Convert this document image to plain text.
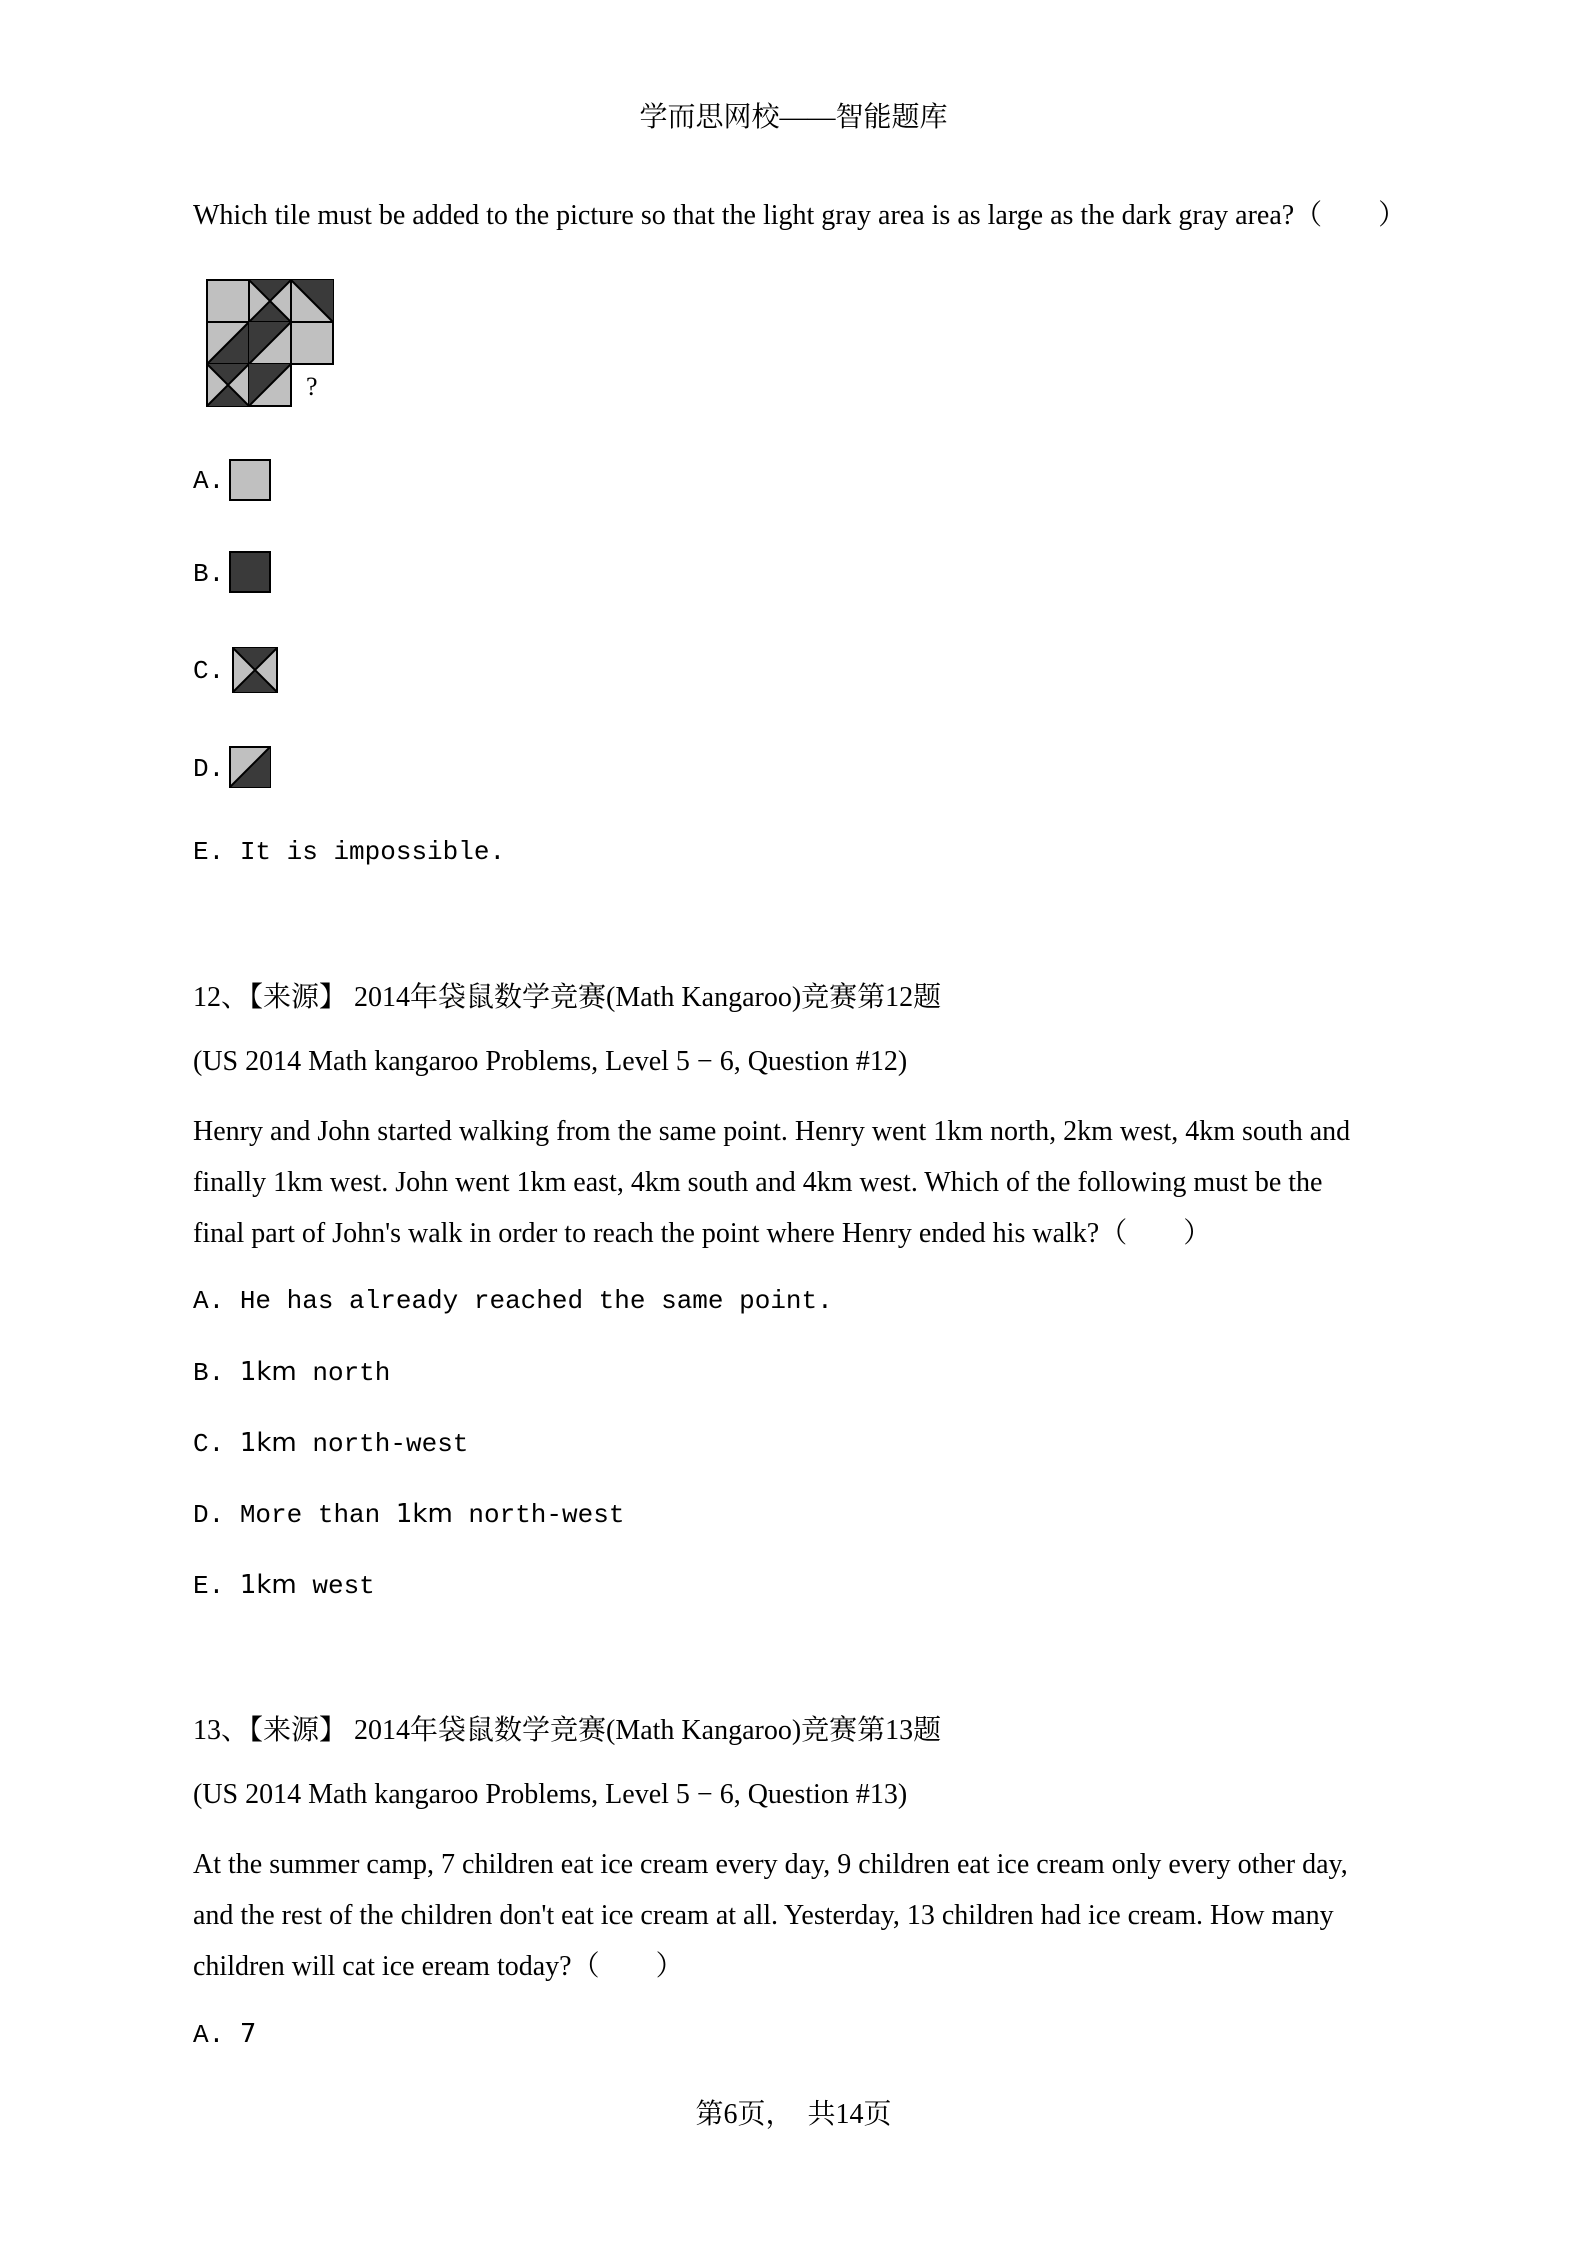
学而思网校——智能题库
Which tile must be added to the picture so that the light gray area is as large as the dark gray area?（　　）
?
A.
B.
C.
D.
E. It is impossible.
12、【来源】 2014年袋鼠数学竞赛(Math Kangaroo)竞赛第12题
(US 2014 Math kangaroo Problems, Level 5 − 6, Question #12)
Henry and John started walking from the same point. Henry went 1km north, 2km west, 4km south and
finally 1km west. John went 1km east, 4km south and 4km west. Which of the following must be the
final part of John's walk in order to reach the point where Henry ended his walk?（　　）
A. He has already reached the same point.
B. 1km north
C. 1km north-west
D. More than 1km north-west
E. 1km west
13、【来源】 2014年袋鼠数学竞赛(Math Kangaroo)竞赛第13题
(US 2014 Math kangaroo Problems, Level 5 − 6, Question #13)
At the summer camp, 7 children eat ice cream every day, 9 children eat ice cream only every other day,
and the rest of the children don't eat ice cream at all. Yesterday, 13 children had ice cream. How many
children will cat ice eream today?（　　）
A. 7
第6页，　共14页
